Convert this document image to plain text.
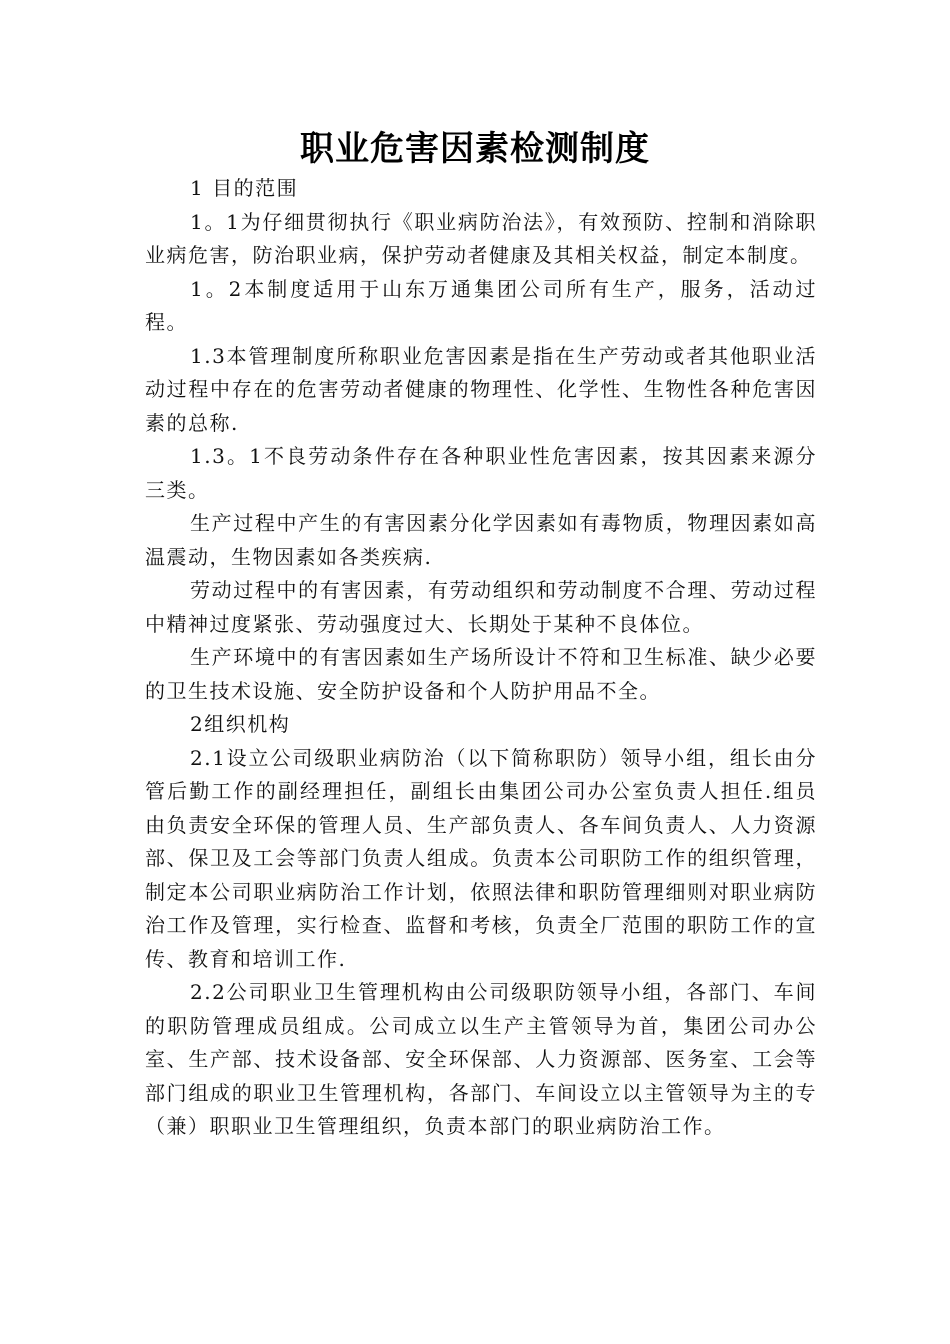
职业危害因素检测制度

1 目的范围

1。1为仔细贯彻执行《职业病防治法》，有效预防、控制和消除职业病危害，防治职业病，保护劳动者健康及其相关权益，制定本制度。

1。2本制度适用于山东万通集团公司所有生产，服务，活动过程。

1.3本管理制度所称职业危害因素是指在生产劳动或者其他职业活动过程中存在的危害劳动者健康的物理性、化学性、生物性各种危害因素的总称.

1.3。1不良劳动条件存在各种职业性危害因素，按其因素来源分三类。

生产过程中产生的有害因素分化学因素如有毒物质，物理因素如高温震动，生物因素如各类疾病.

劳动过程中的有害因素，有劳动组织和劳动制度不合理、劳动过程中精神过度紧张、劳动强度过大、长期处于某种不良体位。

生产环境中的有害因素如生产场所设计不符和卫生标准、缺少必要的卫生技术设施、安全防护设备和个人防护用品不全。

2组织机构

2.1设立公司级职业病防治（以下简称职防）领导小组，组长由分管后勤工作的副经理担任，副组长由集团公司办公室负责人担任.组员由负责安全环保的管理人员、生产部负责人、各车间负责人、人力资源部、保卫及工会等部门负责人组成。负责本公司职防工作的组织管理，制定本公司职业病防治工作计划，依照法律和职防管理细则对职业病防治工作及管理，实行检查、监督和考核，负责全厂范围的职防工作的宣传、教育和培训工作.

2.2公司职业卫生管理机构由公司级职防领导小组，各部门、车间的职防管理成员组成。公司成立以生产主管领导为首，集团公司办公室、生产部、技术设备部、安全环保部、人力资源部、医务室、工会等部门组成的职业卫生管理机构，各部门、车间设立以主管领导为主的专（兼）职职业卫生管理组织，负责本部门的职业病防治工作。
